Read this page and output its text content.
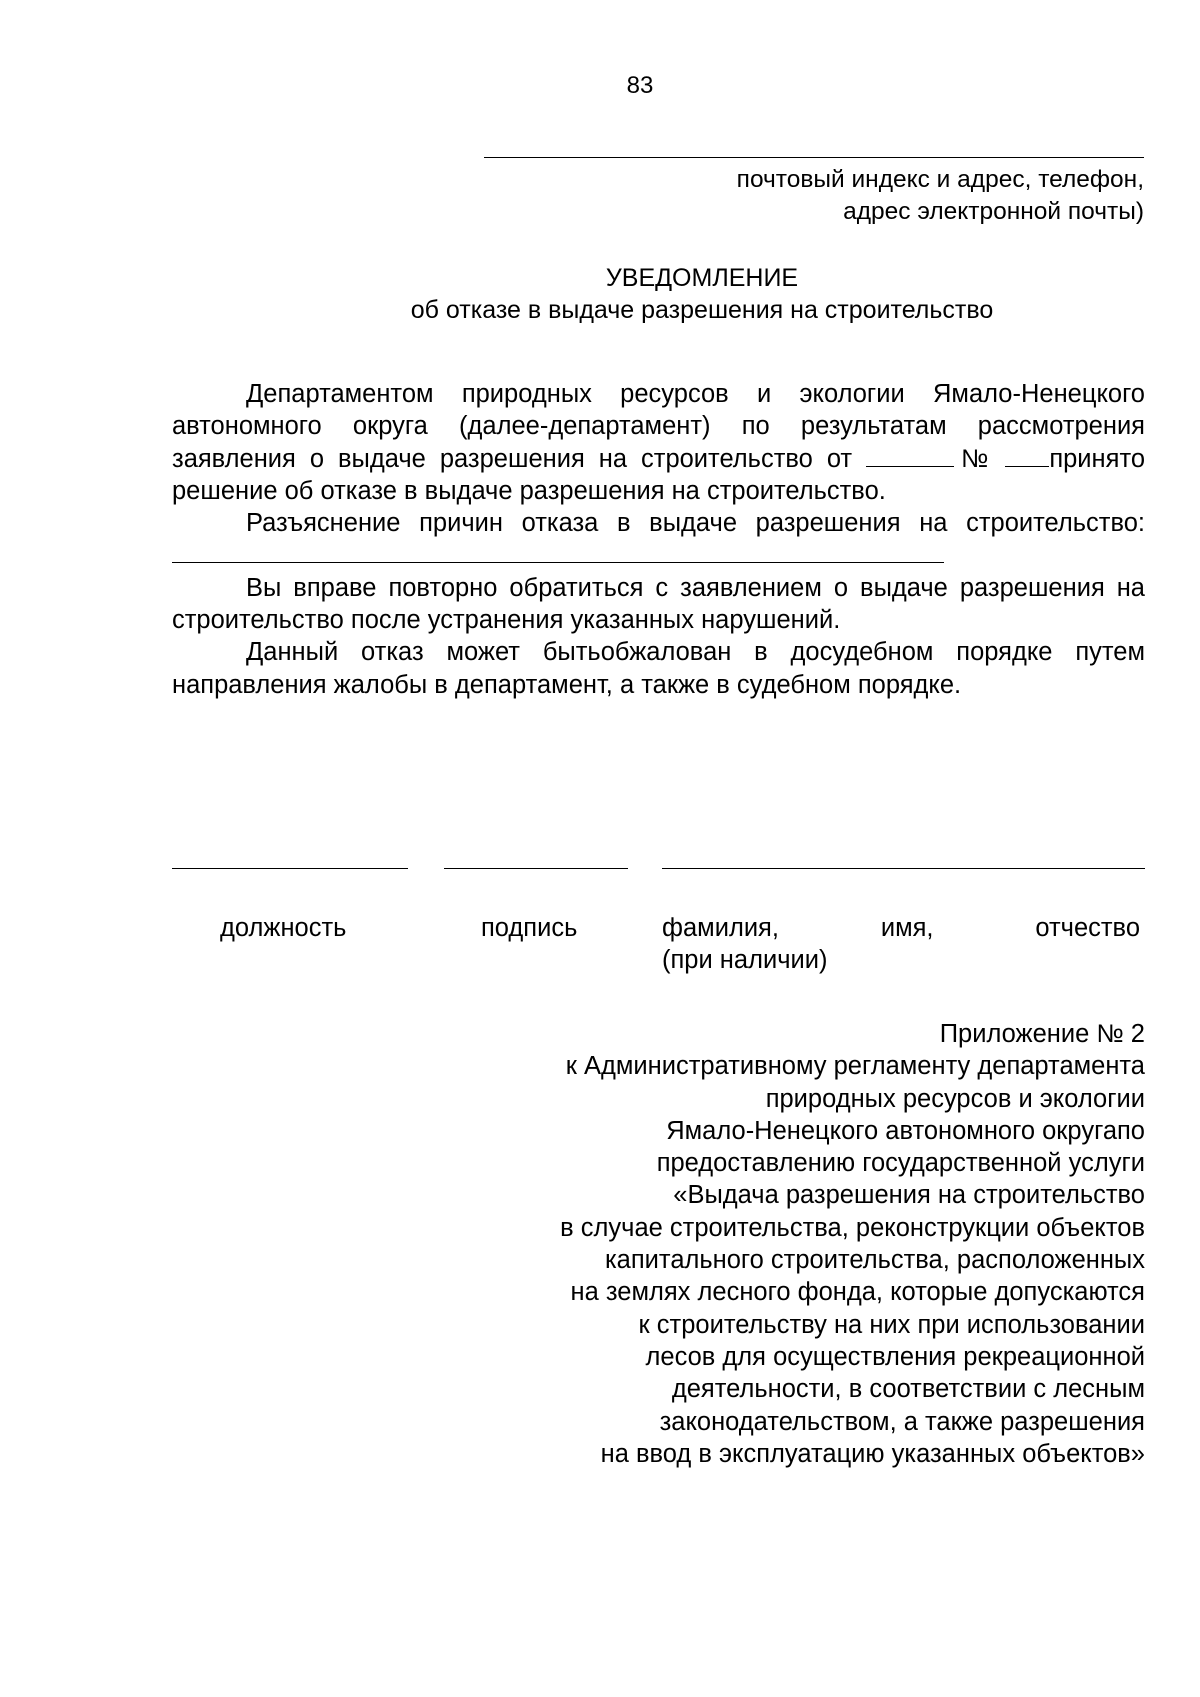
83
почтовый индекс и адрес, телефон,
адрес электронной почты)
УВЕДОМЛЕНИЕ
об отказе в выдаче разрешения на строительство

Департаментом природных ресурсов и экологии Ямало-Ненецкого автономного округа (далее-департамент) по результатам рассмотрения заявления о выдаче разрешения на строительство от	№ принято решение об отказе в выдаче разрешения на строительство.

Разъяснение причин отказа в выдаче разрешения на строительство:

Вы вправе повторно обратиться с заявлением о выдаче разрешения на строительство после устранения указанных нарушений.

Данный отказ может бытьобжалован в досудебном порядке путем направления жалобы в департамент, а также в судебном порядке.

должность	подпись	фамилия,	имя,	отчество
(при наличии)
Приложение № 2
к Административному регламенту департамента
природных ресурсов и экологии
Ямало-Ненецкого автономного округапо
предоставлению государственной услуги
«Выдача разрешения на строительство
в случае строительства, реконструкции объектов
капитального строительства, расположенных
на землях лесного фонда, которые допускаются
к строительству на них при использовании
лесов для осуществления рекреационной
деятельности, в соответствии с лесным
законодательством, а также разрешения
на ввод в эксплуатацию указанных объектов»
